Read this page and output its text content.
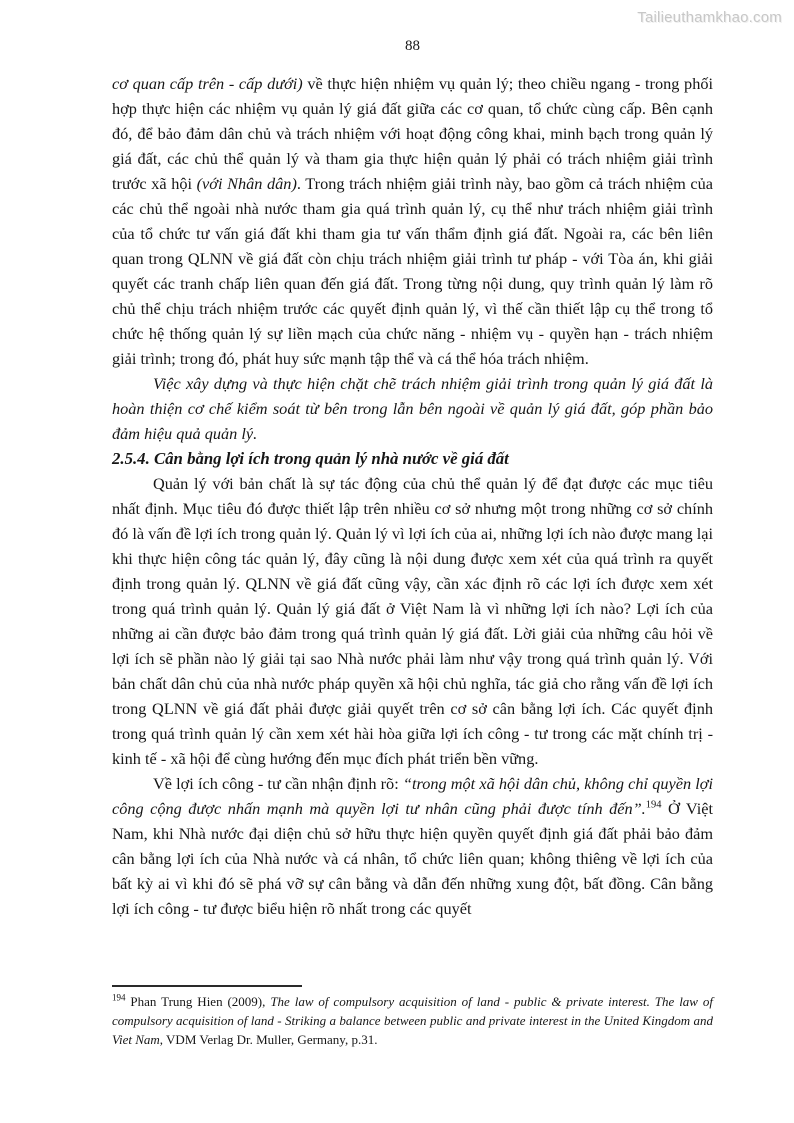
Tailieuthamkhao.com
88

cơ quan cấp trên - cấp dưới) về thực hiện nhiệm vụ quản lý; theo chiều ngang - trong phối hợp thực hiện các nhiệm vụ quản lý giá đất giữa các cơ quan, tổ chức cùng cấp. Bên cạnh đó, để bảo đảm dân chủ và trách nhiệm với hoạt động công khai, minh bạch trong quản lý giá đất, các chủ thể quản lý và tham gia thực hiện quản lý phải có trách nhiệm giải trình trước xã hội (với Nhân dân). Trong trách nhiệm giải trình này, bao gồm cả trách nhiệm của các chủ thể ngoài nhà nước tham gia quá trình quản lý, cụ thể như trách nhiệm giải trình của tổ chức tư vấn giá đất khi tham gia tư vấn thẩm định giá đất. Ngoài ra, các bên liên quan trong QLNN về giá đất còn chịu trách nhiệm giải trình tư pháp - với Tòa án, khi giải quyết các tranh chấp liên quan đến giá đất. Trong từng nội dung, quy trình quản lý làm rõ chủ thể chịu trách nhiệm trước các quyết định quản lý, vì thế cần thiết lập cụ thể trong tổ chức hệ thống quản lý sự liền mạch của chức năng - nhiệm vụ - quyền hạn - trách nhiệm giải trình; trong đó, phát huy sức mạnh tập thể và cá thể hóa trách nhiệm.

Việc xây dựng và thực hiện chặt chẽ trách nhiệm giải trình trong quản lý giá đất là hoàn thiện cơ chế kiểm soát từ bên trong lẫn bên ngoài về quản lý giá đất, góp phần bảo đảm hiệu quả quản lý.

2.5.4. Cân bằng lợi ích trong quản lý nhà nước về giá đất

Quản lý với bản chất là sự tác động của chủ thể quản lý để đạt được các mục tiêu nhất định. Mục tiêu đó được thiết lập trên nhiều cơ sở nhưng một trong những cơ sở chính đó là vấn đề lợi ích trong quản lý. Quản lý vì lợi ích của ai, những lợi ích nào được mang lại khi thực hiện công tác quản lý, đây cũng là nội dung được xem xét của quá trình ra quyết định trong quản lý. QLNN về giá đất cũng vậy, cần xác định rõ các lợi ích được xem xét trong quá trình quản lý. Quản lý giá đất ở Việt Nam là vì những lợi ích nào? Lợi ích của những ai cần được bảo đảm trong quá trình quản lý giá đất. Lời giải của những câu hỏi về lợi ích sẽ phần nào lý giải tại sao Nhà nước phải làm như vậy trong quá trình quản lý. Với bản chất dân chủ của nhà nước pháp quyền xã hội chủ nghĩa, tác giả cho rằng vấn đề lợi ích trong QLNN về giá đất phải được giải quyết trên cơ sở cân bằng lợi ích. Các quyết định trong quá trình quản lý cần xem xét hài hòa giữa lợi ích công - tư trong các mặt chính trị - kinh tế - xã hội để cùng hướng đến mục đích phát triển bền vững.

Về lợi ích công - tư cần nhận định rõ: “trong một xã hội dân chủ, không chỉ quyền lợi công cộng được nhấn mạnh mà quyền lợi tư nhân cũng phải được tính đến”.$^{194}$ Ở Việt Nam, khi Nhà nước đại diện chủ sở hữu thực hiện quyền quyết định giá đất phải bảo đảm cân bằng lợi ích của Nhà nước và cá nhân, tổ chức liên quan; không thiêng về lợi ích của bất kỳ ai vì khi đó sẽ phá vỡ sự cân bằng và dẫn đến những xung đột, bất đồng. Cân bằng lợi ích công - tư được biểu hiện rõ nhất trong các quyết

$^{194}$ Phan Trung Hien (2009), The law of compulsory acquisition of land - public & private interest. The law of compulsory acquisition of land - Striking a balance between public and private interest in the United Kingdom and Viet Nam, VDM Verlag Dr. Muller, Germany, p.31.
